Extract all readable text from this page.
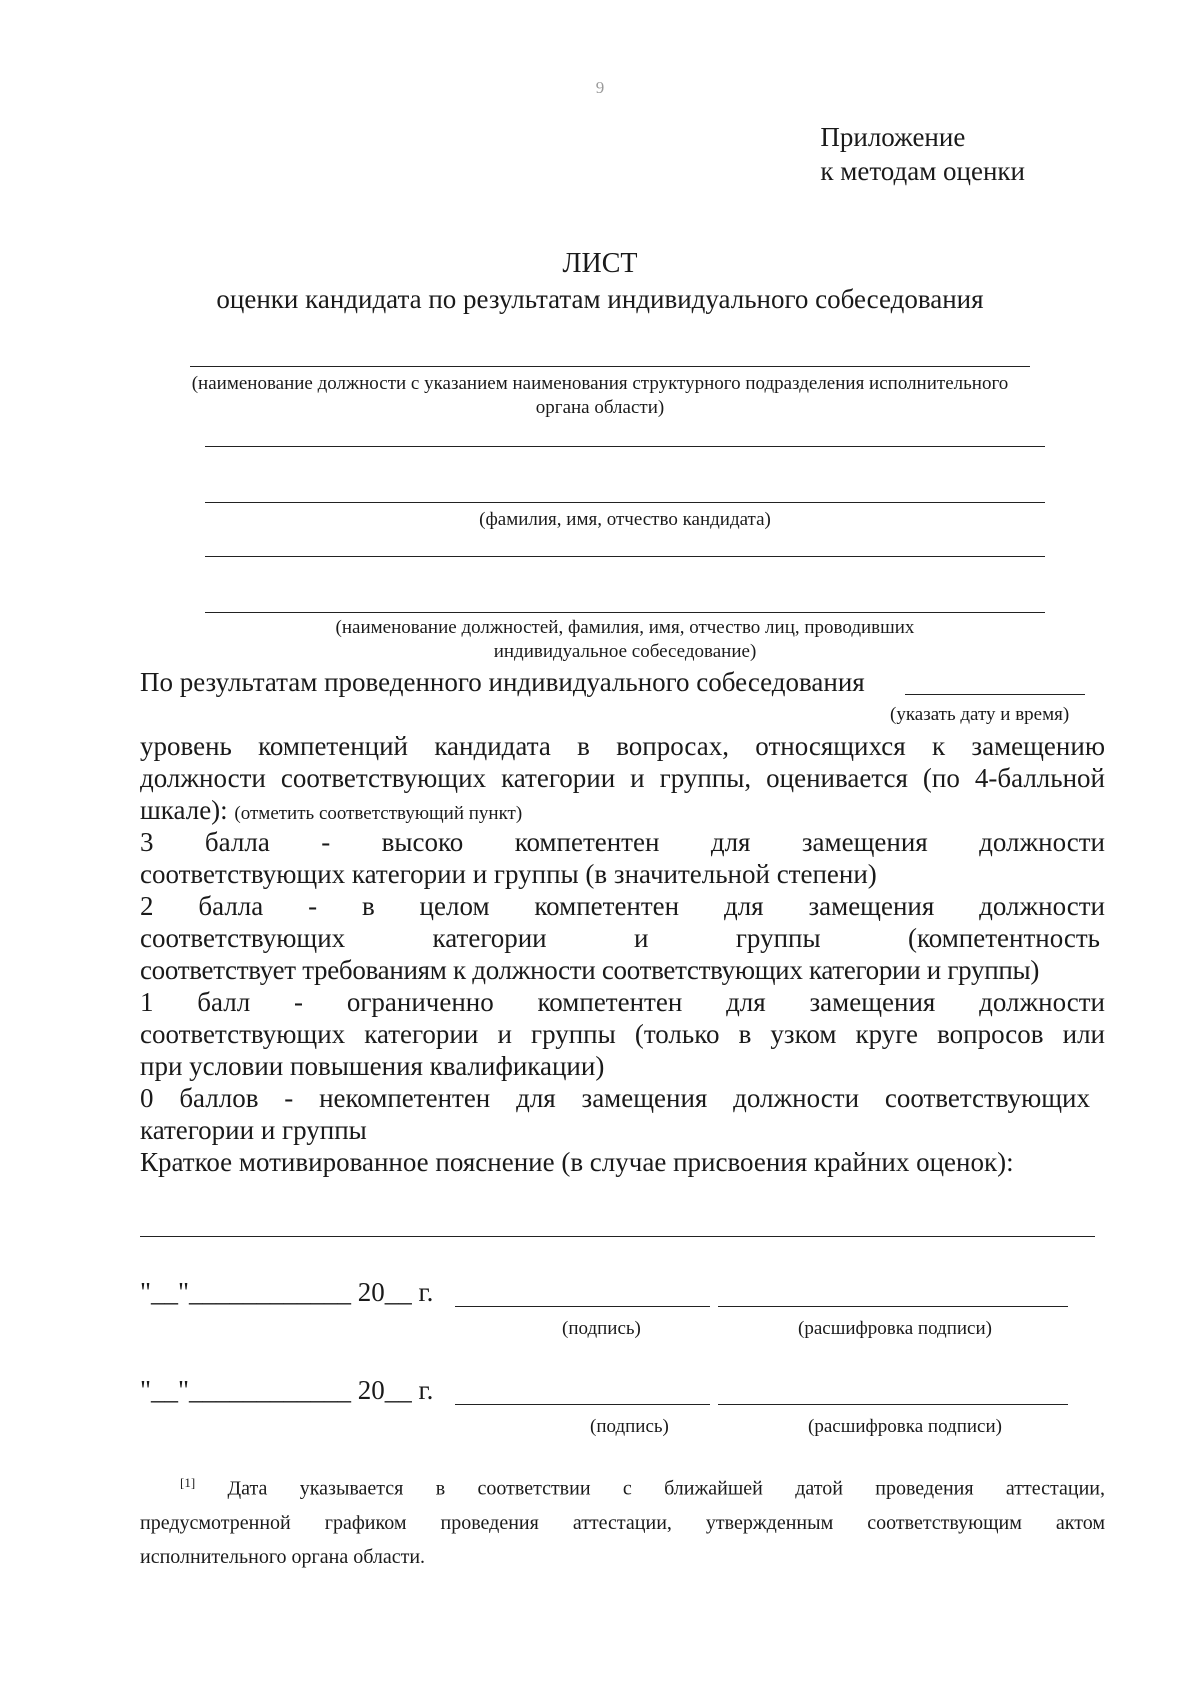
9
Приложение
к методам оценки
ЛИСТ
оценки кандидата по результатам индивидуального собеседования
(наименование должности с указанием наименования структурного подразделения исполнительного
органа области)
(фамилия, имя, отчество кандидата)
(наименование должностей, фамилия, имя, отчество лиц, проводивших
индивидуальное собеседование)
По результатам проведенного индивидуального собеседования
(указать дату и время)
уровень компетенций кандидата в вопросах, относящихся к замещению
должности соответствующих категории и группы, оценивается (по 4-балльной
шкале): (отметить соответствующий пункт)
3 балла - высоко компетентен для замещения должности
соответствующих категории и группы (в значительной степени)
2 балла - в целом компетентен для замещения должности
соответствующих категории и группы (компетентность
соответствует требованиям к должности соответствующих категории и группы)
1 балл - ограниченно компетентен для замещения должности
соответствующих категории и группы (только в узком круге вопросов или
при условии повышения квалификации)
0 баллов - некомпетентен для замещения должности соответствующих
категории и группы
Краткое мотивированное пояснение (в случае присвоения крайних оценок):
"__"____________ 20__ г.
(подпись)	(расшифровка подписи)
"__"____________ 20__ г.
(подпись)	(расшифровка подписи)
[1] Дата указывается в соответствии с ближайшей датой проведения аттестации,
предусмотренной графиком проведения аттестации, утвержденным соответствующим актом
исполнительного органа области.
